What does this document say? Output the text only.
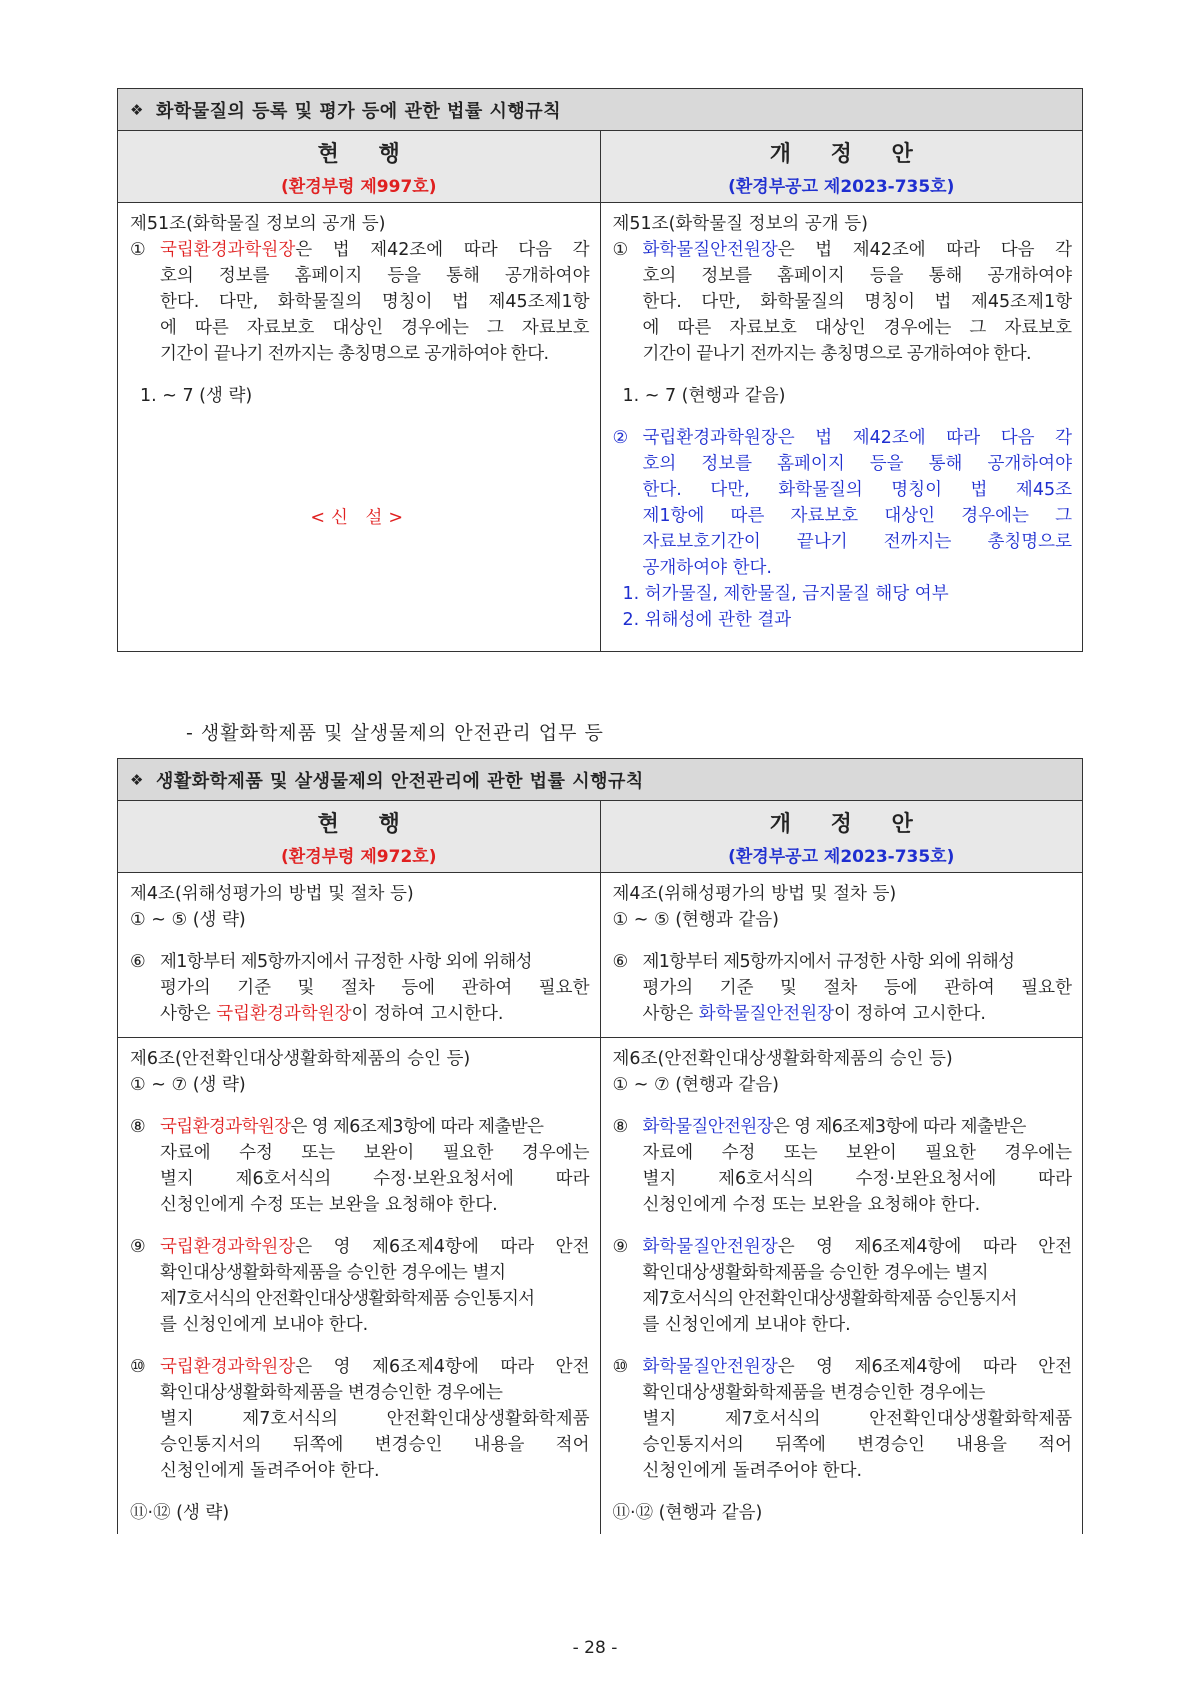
❖ 화학물질의 등록 및 평가 등에 관한 법률 시행규칙
현 행
(환경부령 제997호)
개 정 안
(환경부공고 제2023-735호)
제51조(화학물질 정보의 공개 등)
① 국립환경과학원장은 법 제42조에 따라 다음 각
호의 정보를 홈페이지 등을 통해 공개하여야
한다. 다만, 화학물질의 명칭이 법 제45조제1항
에 따른 자료보호 대상인 경우에는 그 자료보호
기간이 끝나기 전까지는 총칭명으로 공개하여야 한다.
1. ~ 7 (생 략)
<신 설>
제51조(화학물질 정보의 공개 등)
① 화학물질안전원장은 법 제42조에 따라 다음 각
호의 정보를 홈페이지 등을 통해 공개하여야
한다. 다만, 화학물질의 명칭이 법 제45조제1항
에 따른 자료보호 대상인 경우에는 그 자료보호
기간이 끝나기 전까지는 총칭명으로 공개하여야 한다.
1. ~ 7 (현행과 같음)
② 국립환경과학원장은 법 제42조에 따라 다음 각
호의 정보를 홈페이지 등을 통해 공개하여야
한다. 다만, 화학물질의 명칭이 법 제45조
제1항에 따른 자료보호 대상인 경우에는 그
자료보호기간이 끝나기 전까지는 총칭명으로
공개하여야 한다.
1. 허가물질, 제한물질, 금지물질 해당 여부
2. 위해성에 관한 결과
- 생활화학제품 및 살생물제의 안전관리 업무 등
❖ 생활화학제품 및 살생물제의 안전관리에 관한 법률 시행규칙
현 행
(환경부령 제972호)
개 정 안
(환경부공고 제2023-735호)
제4조(위해성평가의 방법 및 절차 등)
① ~ ⑤ (생 략)
⑥ 제1항부터 제5항까지에서 규정한 사항 외에 위해성
평가의 기준 및 절차 등에 관하여 필요한
사항은 국립환경과학원장이 정하여 고시한다.
제4조(위해성평가의 방법 및 절차 등)
① ~ ⑤ (현행과 같음)
⑥ 제1항부터 제5항까지에서 규정한 사항 외에 위해성
평가의 기준 및 절차 등에 관하여 필요한
사항은 화학물질안전원장이 정하여 고시한다.
제6조(안전확인대상생활화학제품의 승인 등)
① ~ ⑦ (생 략)
⑧ 국립환경과학원장은 영 제6조제3항에 따라 제출받은
자료에 수정 또는 보완이 필요한 경우에는
별지 제6호서식의 수정·보완요청서에 따라
신청인에게 수정 또는 보완을 요청해야 한다.
⑨ 국립환경과학원장은 영 제6조제4항에 따라 안전
확인대상생활화학제품을 승인한 경우에는 별지
제7호서식의 안전확인대상생활화학제품 승인통지서
를 신청인에게 보내야 한다.
⑩ 국립환경과학원장은 영 제6조제4항에 따라 안전
확인대상생활화학제품을 변경승인한 경우에는
별지 제7호서식의 안전확인대상생활화학제품
승인통지서의 뒤쪽에 변경승인 내용을 적어
신청인에게 돌려주어야 한다.
⑪·⑫ (생 략)
제6조(안전확인대상생활화학제품의 승인 등)
① ~ ⑦ (현행과 같음)
⑧ 화학물질안전원장은 영 제6조제3항에 따라 제출받은
자료에 수정 또는 보완이 필요한 경우에는
별지 제6호서식의 수정·보완요청서에 따라
신청인에게 수정 또는 보완을 요청해야 한다.
⑨ 화학물질안전원장은 영 제6조제4항에 따라 안전
확인대상생활화학제품을 승인한 경우에는 별지
제7호서식의 안전확인대상생활화학제품 승인통지서
를 신청인에게 보내야 한다.
⑩ 화학물질안전원장은 영 제6조제4항에 따라 안전
확인대상생활화학제품을 변경승인한 경우에는
별지 제7호서식의 안전확인대상생활화학제품
승인통지서의 뒤쪽에 변경승인 내용을 적어
신청인에게 돌려주어야 한다.
⑪·⑫ (현행과 같음)
- 28 -
